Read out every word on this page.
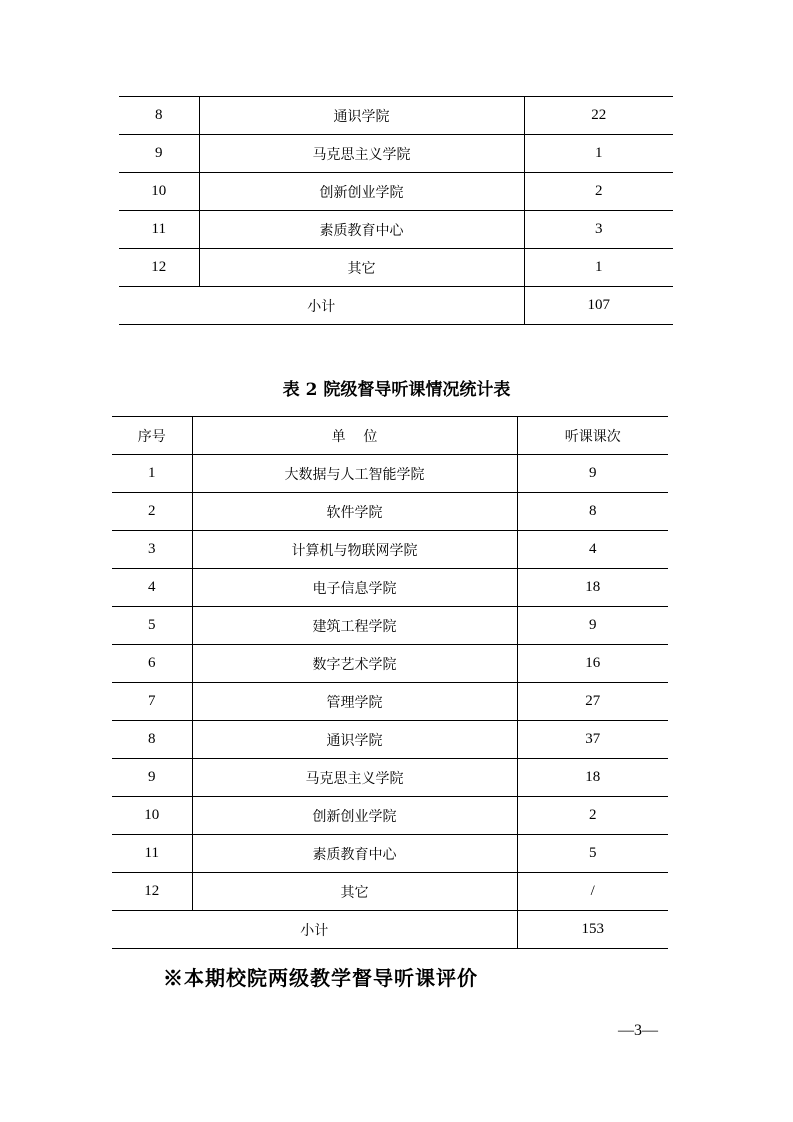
8	通识学院	22
9	马克思主义学院	1
10	创新创业学院	2
11	素质教育中心	3
12	其它	1
小计		107
表 2 院级督导听课情况统计表
序号	单    位	听课课次
1	大数据与人工智能学院	9
2	软件学院	8
3	计算机与物联网学院	4
4	电子信息学院	18
5	建筑工程学院	9
6	数字艺术学院	16
7	管理学院	27
8	通识学院	37
9	马克思主义学院	18
10	创新创业学院	2
11	素质教育中心	5
12	其它	/
小计		153
※本期校院两级教学督导听课评价
—3—
